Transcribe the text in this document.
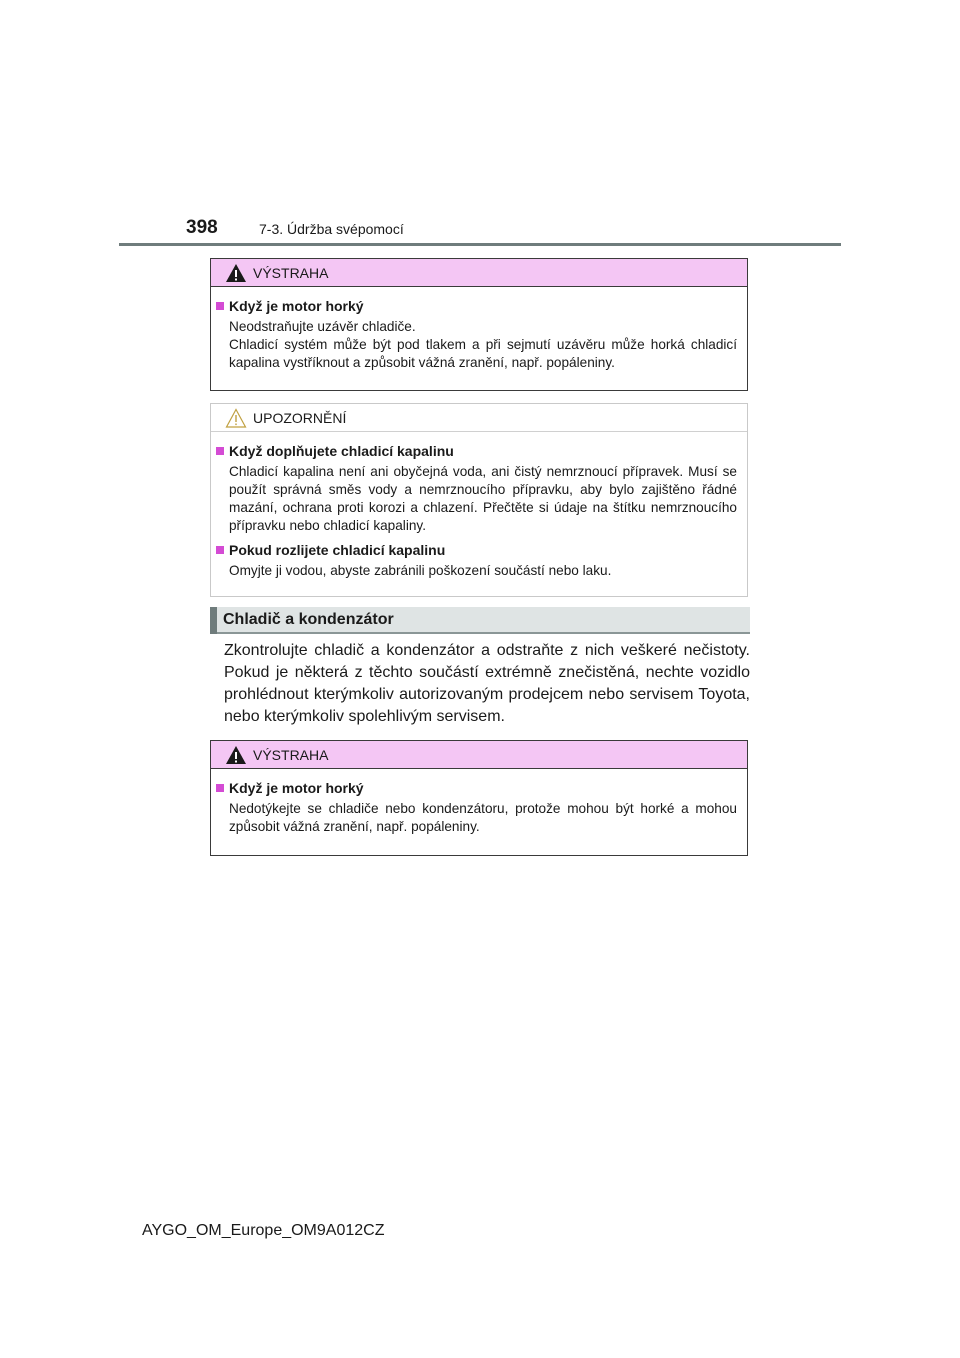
398	7-3. Údržba svépomocí
VÝSTRAHA
Když je motor horký
Neodstraňujte uzávěr chladiče.
Chladicí systém může být pod tlakem a při sejmutí uzávěru může horká chladicí kapalina vystříknout a způsobit vážná zranění, např. popáleniny.
UPOZORNĚNÍ
Když doplňujete chladicí kapalinu
Chladicí kapalina není ani obyčejná voda, ani čistý nemrznoucí přípravek. Musí se použít správná směs vody a nemrznoucího přípravku, aby bylo zajištěno řádné mazání, ochrana proti korozi a chlazení. Přečtěte si údaje na štítku nemrznoucího přípravku nebo chladicí kapaliny.
Pokud rozlijete chladicí kapalinu
Omyjte ji vodou, abyste zabránili poškození součástí nebo laku.
Chladič a kondenzátor
Zkontrolujte chladič a kondenzátor a odstraňte z nich veškeré nečistoty. Pokud je některá z těchto součástí extrémně znečistěná, nechte vozidlo prohlédnout kterýmkoliv autorizovaným prodejcem nebo servisem Toyota, nebo kterýmkoliv spolehlivým servisem.
VÝSTRAHA
Když je motor horký
Nedotýkejte se chladiče nebo kondenzátoru, protože mohou být horké a mohou způsobit vážná zranění, např. popáleniny.
AYGO_OM_Europe_OM9A012CZ
